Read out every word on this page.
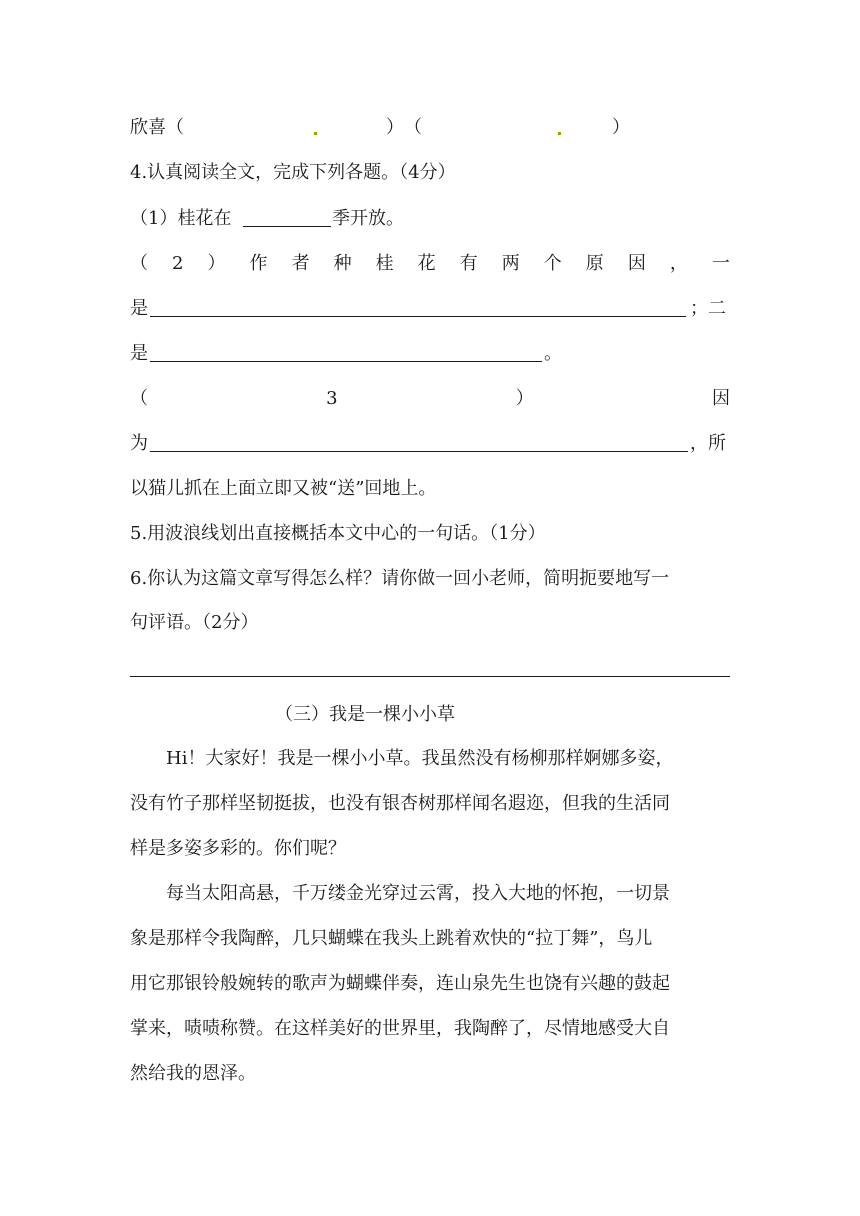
欣喜（	）　（	）
4.认真阅读全文，完成下列各题。（4分）
（1）桂花在	季开放。
（ 2 ） 作 者 种 桂 花 有 两 个 原 因 ， 一
是	；二
是	。
（	3	）	因
为	，所
以猫儿抓在上面立即又被“送”回地上。
5.用波浪线划出直接概括本文中心的一句话。（1分）
6.你认为这篇文章写得怎么样？请你做一回小老师，简明扼要地写一
句评语。（2分）
（三）我是一棵小小草
　　Hi！大家好！我是一棵小小草。我虽然没有杨柳那样婀娜多姿，
没有竹子那样坚韧挺拔，也没有银杏树那样闻名遐迩，但我的生活同
样是多姿多彩的。你们呢？
　　每当太阳高悬，千万缕金光穿过云霄，投入大地的怀抱，一切景
象是那样令我陶醉，几只蝴蝶在我头上跳着欢快的“拉丁舞”，鸟儿
用它那银铃般婉转的歌声为蝴蝶伴奏，连山泉先生也饶有兴趣的鼓起
掌来，啧啧称赞。在这样美好的世界里，我陶醉了，尽情地感受大自
然给我的恩泽。
